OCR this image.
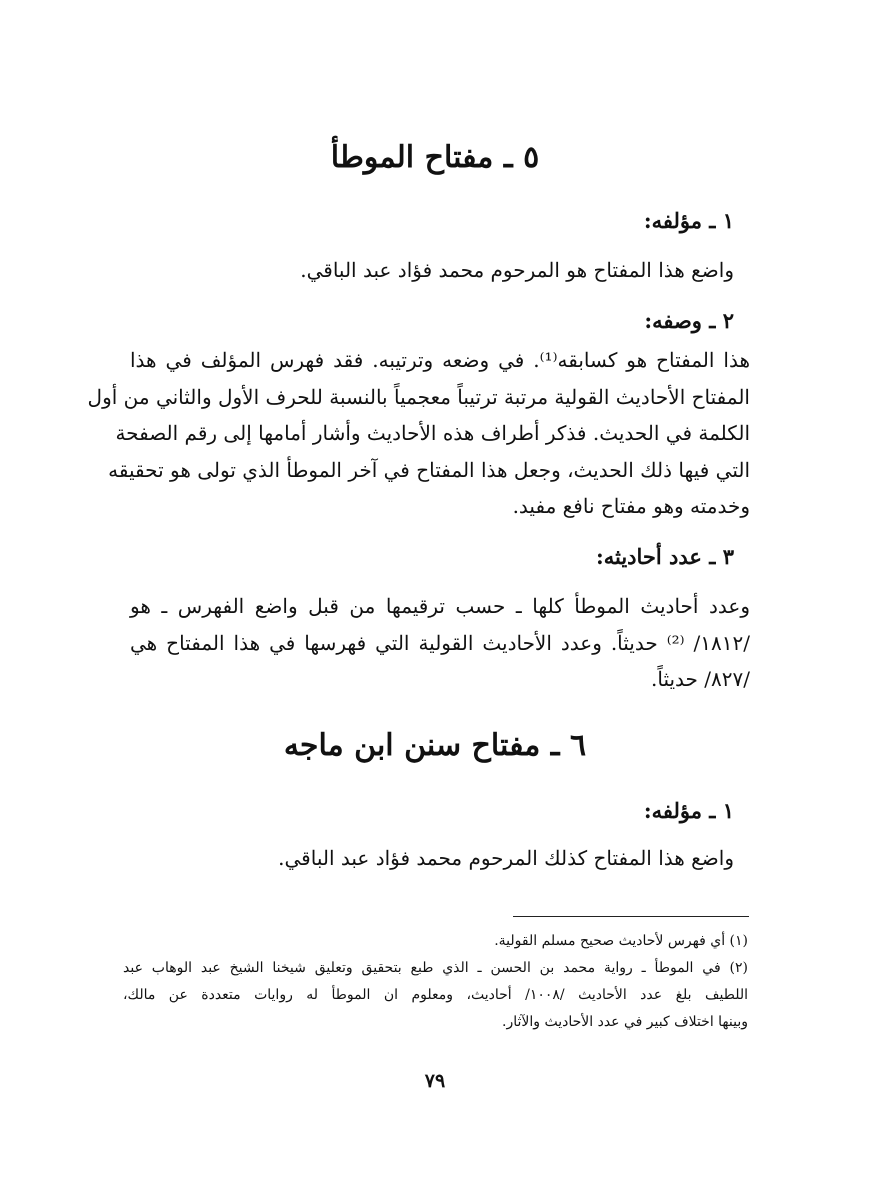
٥ ـ مفتاح الموطأ
١ ـ مؤلفه:
واضع هذا المفتاح هو المرحوم محمد فؤاد عبد الباقي.
٢ ـ وصفه:
هذا المفتاح هو كسابقه⁽¹⁾. في وضعه وترتيبه. فقد فهرس المؤلف في هذا
المفتاح الأحاديث القولية مرتبة ترتيباً معجمياً بالنسبة للحرف الأول والثاني من أول
الكلمة في الحديث. فذكر أطراف هذه الأحاديث وأشار أمامها إلى رقم الصفحة
التي فيها ذلك الحديث، وجعل هذا المفتاح في آخر الموطأ الذي تولى هو تحقيقه
وخدمته وهو مفتاح نافع مفيد.
٣ ـ عدد أحاديثه:
وعدد أحاديث الموطأ كلها ـ حسب ترقيمها من قبل واضع الفهرس ـ هو
/١٨١٢/ ⁽²⁾ حديثاً. وعدد الأحاديث القولية التي فهرسها في هذا المفتاح هي
/٨٢٧/ حديثاً.
٦ ـ مفتاح سنن ابن ماجه
١ ـ مؤلفه:
واضع هذا المفتاح كذلك المرحوم محمد فؤاد عبد الباقي.
(١) أي فهرس لأحاديث صحيح مسلم القولية.
(٢) في الموطأ ـ رواية محمد بن الحسن ـ الذي طبع بتحقيق وتعليق شيخنا الشيخ عبد الوهاب عبد
اللطيف بلغ عدد الأحاديث /١٠٠٨/ أحاديث، ومعلوم ان الموطأ له روايات متعددة عن مالك،
وبينها اختلاف كبير في عدد الأحاديث والآثار.
٧٩
